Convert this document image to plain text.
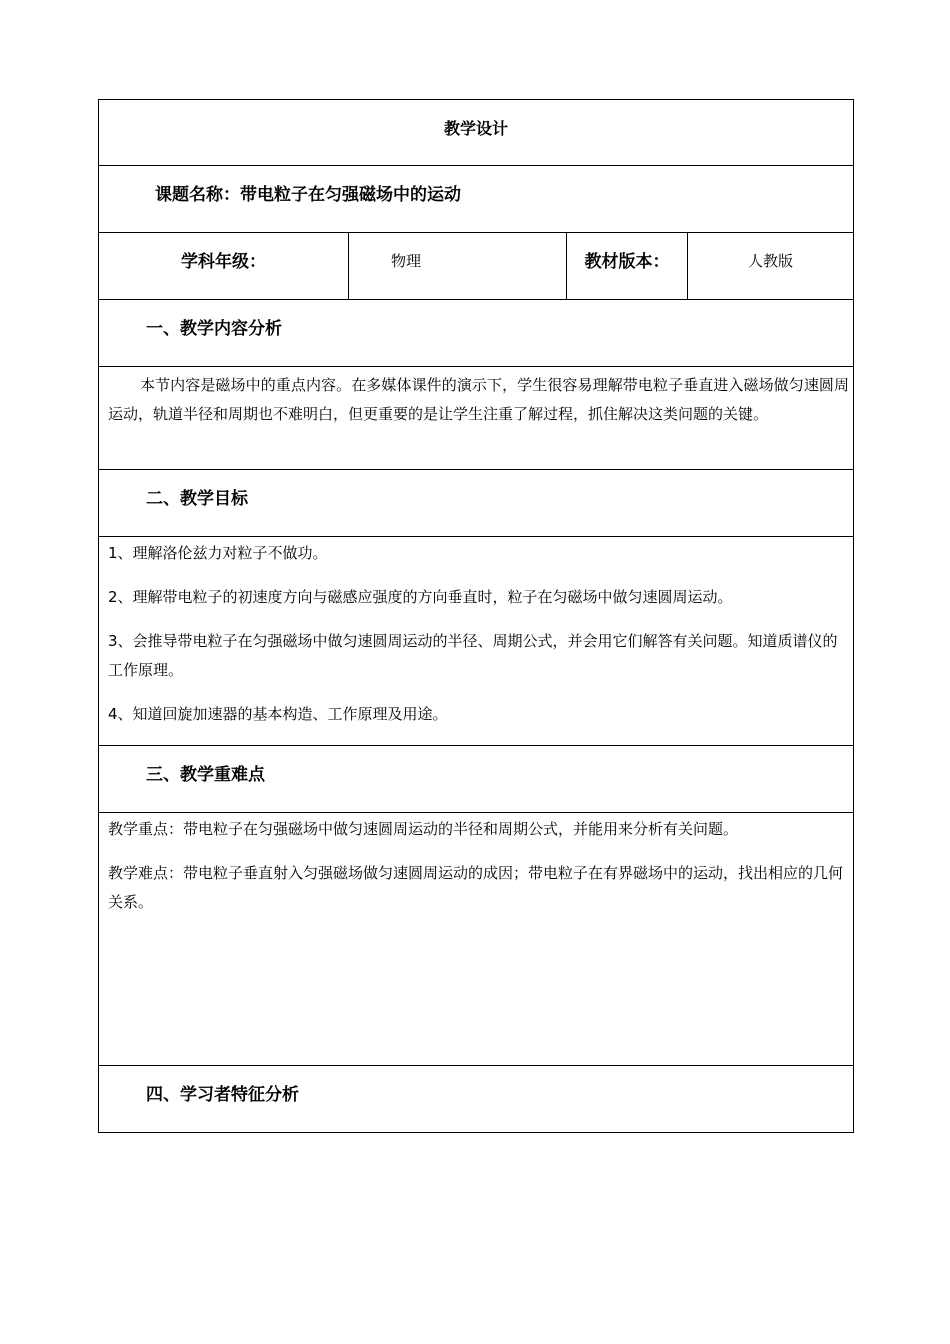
教学设计

课题名称：带电粒子在匀强磁场中的运动

学科年级：	物理	教材版本：	人教版

一、教学内容分析

本节内容是磁场中的重点内容。在多媒体课件的演示下，学生很容易理解带电粒子垂直进入磁场做匀速圆周运动，轨道半径和周期也不难明白，但更重要的是让学生注重了解过程，抓住解决这类问题的关键。

二、教学目标

1、理解洛伦兹力对粒子不做功。

2、理解带电粒子的初速度方向与磁感应强度的方向垂直时，粒子在匀磁场中做匀速圆周运动。

3、会推导带电粒子在匀强磁场中做匀速圆周运动的半径、周期公式，并会用它们解答有关问题。知道质谱仪的工作原理。

4、知道回旋加速器的基本构造、工作原理及用途。

三、教学重难点

教学重点：带电粒子在匀强磁场中做匀速圆周运动的半径和周期公式，并能用来分析有关问题。

教学难点：带电粒子垂直射入匀强磁场做匀速圆周运动的成因；带电粒子在有界磁场中的运动，找出相应的几何关系。

四、学习者特征分析
